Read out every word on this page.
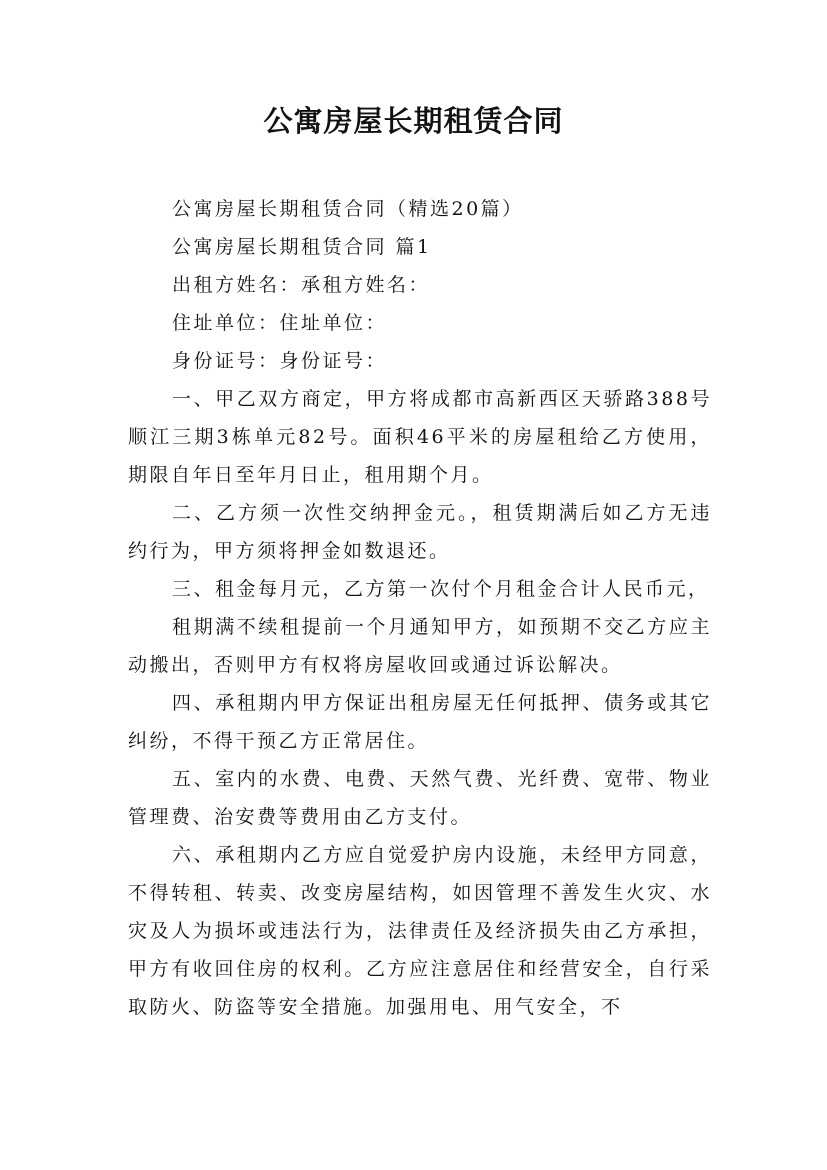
公寓房屋长期租赁合同

公寓房屋长期租赁合同（精选20篇）

公寓房屋长期租赁合同 篇1

出租方姓名：承租方姓名：

住址单位：住址单位：

身份证号：身份证号：

一、甲乙双方商定，甲方将成都市高新西区天骄路388号顺江三期3栋单元82号。面积46平米的房屋租给乙方使用，期限自年日至年月日止，租用期个月。

二、乙方须一次性交纳押金元。，租赁期满后如乙方无违约行为，甲方须将押金如数退还。

三、租金每月元，乙方第一次付个月租金合计人民币元，

租期满不续租提前一个月通知甲方，如预期不交乙方应主动搬出，否则甲方有权将房屋收回或通过诉讼解决。

四、承租期内甲方保证出租房屋无任何抵押、债务或其它纠纷，不得干预乙方正常居住。

五、室内的水费、电费、天然气费、光纤费、宽带、物业管理费、治安费等费用由乙方支付。

六、承租期内乙方应自觉爱护房内设施，未经甲方同意，不得转租、转卖、改变房屋结构，如因管理不善发生火灾、水灾及人为损坏或违法行为，法律责任及经济损失由乙方承担，甲方有收回住房的权利。乙方应注意居住和经营安全，自行采取防火、防盗等安全措施。加强用电、用气安全，不
